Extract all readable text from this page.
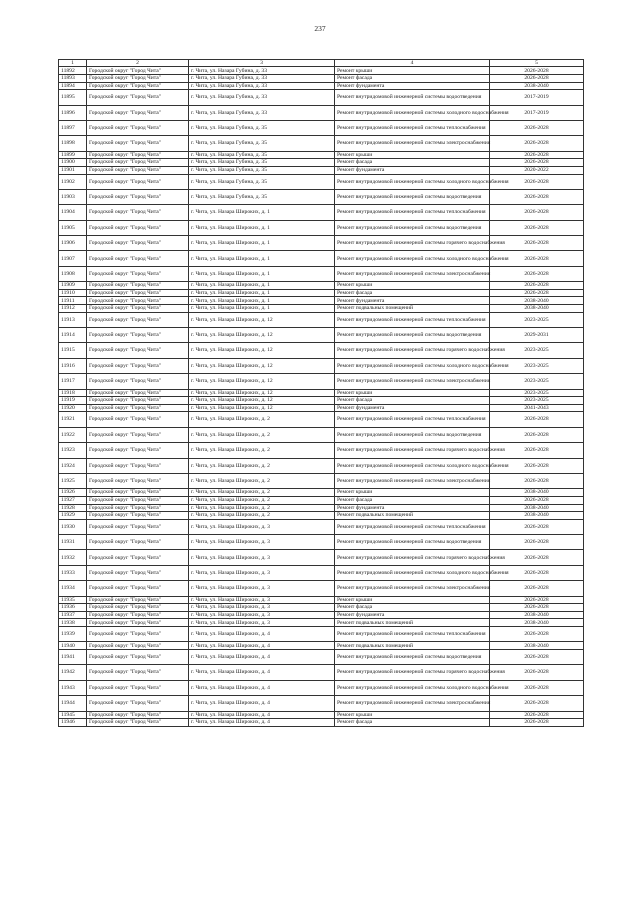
237
1	2	3	4	5
11892	Городской округ "Город Чита"	г. Чита, ул. Назара Губина, д. 33	Ремонт крыши	2026-2028
11893	Городской округ "Город Чита"	г. Чита, ул. Назара Губина, д. 33	Ремонт фасада	2026-2028
11894	Городской округ "Город Чита"	г. Чита, ул. Назара Губина, д. 33	Ремонт фундамента	2038-2040
11895	Городской округ "Город Чита"	г. Чита, ул. Назара Губина, д. 33	Ремонт внутридомовой инженерной системы водоотведения	2017-2019
11896	Городской округ "Город Чита"	г. Чита, ул. Назара Губина, д. 33	Ремонт внутридомовой инженерной системы холодного водоснабжения	2017-2019
11897	Городской округ "Город Чита"	г. Чита, ул. Назара Губина, д. 35	Ремонт внутридомовой инженерной системы теплоснабжения	2026-2028
11898	Городской округ "Город Чита"	г. Чита, ул. Назара Губина, д. 35	Ремонт внутридомовой инженерной системы электроснабжения	2026-2028
11899	Городской округ "Город Чита"	г. Чита, ул. Назара Губина, д. 35	Ремонт крыши	2026-2028
11900	Городской округ "Город Чита"	г. Чита, ул. Назара Губина, д. 35	Ремонт фасада	2026-2028
11901	Городской округ "Город Чита"	г. Чита, ул. Назара Губина, д. 35	Ремонт фундамента	2020-2022
11902	Городской округ "Город Чита"	г. Чита, ул. Назара Губина, д. 35	Ремонт внутридомовой инженерной системы холодного водоснабжения	2026-2028
11903	Городской округ "Город Чита"	г. Чита, ул. Назара Губина, д. 35	Ремонт внутридомовой инженерной системы водоотведения	2026-2028
11904	Городской округ "Город Чита"	г. Чита, ул. Назара Широких, д. 1	Ремонт внутридомовой инженерной системы теплоснабжения	2026-2028
11905	Городской округ "Город Чита"	г. Чита, ул. Назара Широких, д. 1	Ремонт внутридомовой инженерной системы водоотведения	2026-2028
11906	Городской округ "Город Чита"	г. Чита, ул. Назара Широких, д. 1	Ремонт внутридомовой инженерной системы горячего водоснабжения	2026-2028
11907	Городской округ "Город Чита"	г. Чита, ул. Назара Широких, д. 1	Ремонт внутридомовой инженерной системы холодного водоснабжения	2026-2028
11908	Городской округ "Город Чита"	г. Чита, ул. Назара Широких, д. 1	Ремонт внутридомовой инженерной системы электроснабжения	2026-2028
11909	Городской округ "Город Чита"	г. Чита, ул. Назара Широких, д. 1	Ремонт крыши	2026-2028
11910	Городской округ "Город Чита"	г. Чита, ул. Назара Широких, д. 1	Ремонт фасада	2026-2028
11911	Городской округ "Город Чита"	г. Чита, ул. Назара Широких, д. 1	Ремонт фундамента	2038-2040
11912	Городской округ "Город Чита"	г. Чита, ул. Назара Широких, д. 1	Ремонт подвальных помещений	2038-2040
11913	Городской округ "Город Чита"	г. Чита, ул. Назара Широких, д. 12	Ремонт внутридомовой инженерной системы теплоснабжения	2023-2025
11914	Городской округ "Город Чита"	г. Чита, ул. Назара Широких, д. 12	Ремонт внутридомовой инженерной системы водоотведения	2029-2031
11915	Городской округ "Город Чита"	г. Чита, ул. Назара Широких, д. 12	Ремонт внутридомовой инженерной системы горячего водоснабжения	2023-2025
11916	Городской округ "Город Чита"	г. Чита, ул. Назара Широких, д. 12	Ремонт внутридомовой инженерной системы холодного водоснабжения	2023-2025
11917	Городской округ "Город Чита"	г. Чита, ул. Назара Широких, д. 12	Ремонт внутридомовой инженерной системы электроснабжения	2023-2025
11918	Городской округ "Город Чита"	г. Чита, ул. Назара Широких, д. 12	Ремонт крыши	2023-2025
11919	Городской округ "Город Чита"	г. Чита, ул. Назара Широких, д. 12	Ремонт фасада	2023-2025
11920	Городской округ "Город Чита"	г. Чита, ул. Назара Широких, д. 12	Ремонт фундамента	2041-2043
11921	Городской округ "Город Чита"	г. Чита, ул. Назара Широких, д. 2	Ремонт внутридомовой инженерной системы теплоснабжения	2026-2028
11922	Городской округ "Город Чита"	г. Чита, ул. Назара Широких, д. 2	Ремонт внутридомовой инженерной системы водоотведения	2026-2028
11923	Городской округ "Город Чита"	г. Чита, ул. Назара Широких, д. 2	Ремонт внутридомовой инженерной системы горячего водоснабжения	2026-2028
11924	Городской округ "Город Чита"	г. Чита, ул. Назара Широких, д. 2	Ремонт внутридомовой инженерной системы холодного водоснабжения	2026-2028
11925	Городской округ "Город Чита"	г. Чита, ул. Назара Широких, д. 2	Ремонт внутридомовой инженерной системы электроснабжения	2026-2028
11926	Городской округ "Город Чита"	г. Чита, ул. Назара Широких, д. 2	Ремонт крыши	2038-2040
11927	Городской округ "Город Чита"	г. Чита, ул. Назара Широких, д. 2	Ремонт фасада	2026-2028
11928	Городской округ "Город Чита"	г. Чита, ул. Назара Широких, д. 2	Ремонт фундамента	2038-2040
11929	Городской округ "Город Чита"	г. Чита, ул. Назара Широких, д. 2	Ремонт подвальных помещений	2038-2040
11930	Городской округ "Город Чита"	г. Чита, ул. Назара Широких, д. 3	Ремонт внутридомовой инженерной системы теплоснабжения	2026-2028
11931	Городской округ "Город Чита"	г. Чита, ул. Назара Широких, д. 3	Ремонт внутридомовой инженерной системы водоотведения	2026-2028
11932	Городской округ "Город Чита"	г. Чита, ул. Назара Широких, д. 3	Ремонт внутридомовой инженерной системы горячего водоснабжения	2026-2028
11933	Городской округ "Город Чита"	г. Чита, ул. Назара Широких, д. 3	Ремонт внутридомовой инженерной системы холодного водоснабжения	2026-2028
11934	Городской округ "Город Чита"	г. Чита, ул. Назара Широких, д. 3	Ремонт внутридомовой инженерной системы электроснабжения	2026-2028
11935	Городской округ "Город Чита"	г. Чита, ул. Назара Широких, д. 3	Ремонт крыши	2026-2028
11936	Городской округ "Город Чита"	г. Чита, ул. Назара Широких, д. 3	Ремонт фасада	2026-2028
11937	Городской округ "Город Чита"	г. Чита, ул. Назара Широких, д. 3	Ремонт фундамента	2038-2040
11938	Городской округ "Город Чита"	г. Чита, ул. Назара Широких, д. 3	Ремонт подвальных помещений	2038-2040
11939	Городской округ "Город Чита"	г. Чита, ул. Назара Широких, д. 4	Ремонт внутридомовой инженерной системы теплоснабжения	2026-2028
11940	Городской округ "Город Чита"	г. Чита, ул. Назара Широких, д. 4	Ремонт подвальных помещений	2038-2040
11941	Городской округ "Город Чита"	г. Чита, ул. Назара Широких, д. 4	Ремонт внутридомовой инженерной системы водоотведения	2026-2028
11942	Городской округ "Город Чита"	г. Чита, ул. Назара Широких, д. 4	Ремонт внутридомовой инженерной системы горячего водоснабжения	2026-2028
11943	Городской округ "Город Чита"	г. Чита, ул. Назара Широких, д. 4	Ремонт внутридомовой инженерной системы холодного водоснабжения	2026-2028
11944	Городской округ "Город Чита"	г. Чита, ул. Назара Широких, д. 4	Ремонт внутридомовой инженерной системы электроснабжения	2026-2028
11945	Городской округ "Город Чита"	г. Чита, ул. Назара Широких, д. 4	Ремонт крыши	2026-2028
11946	Городской округ "Город Чита"	г. Чита, ул. Назара Широких, д. 4	Ремонт фасада	2026-2028
